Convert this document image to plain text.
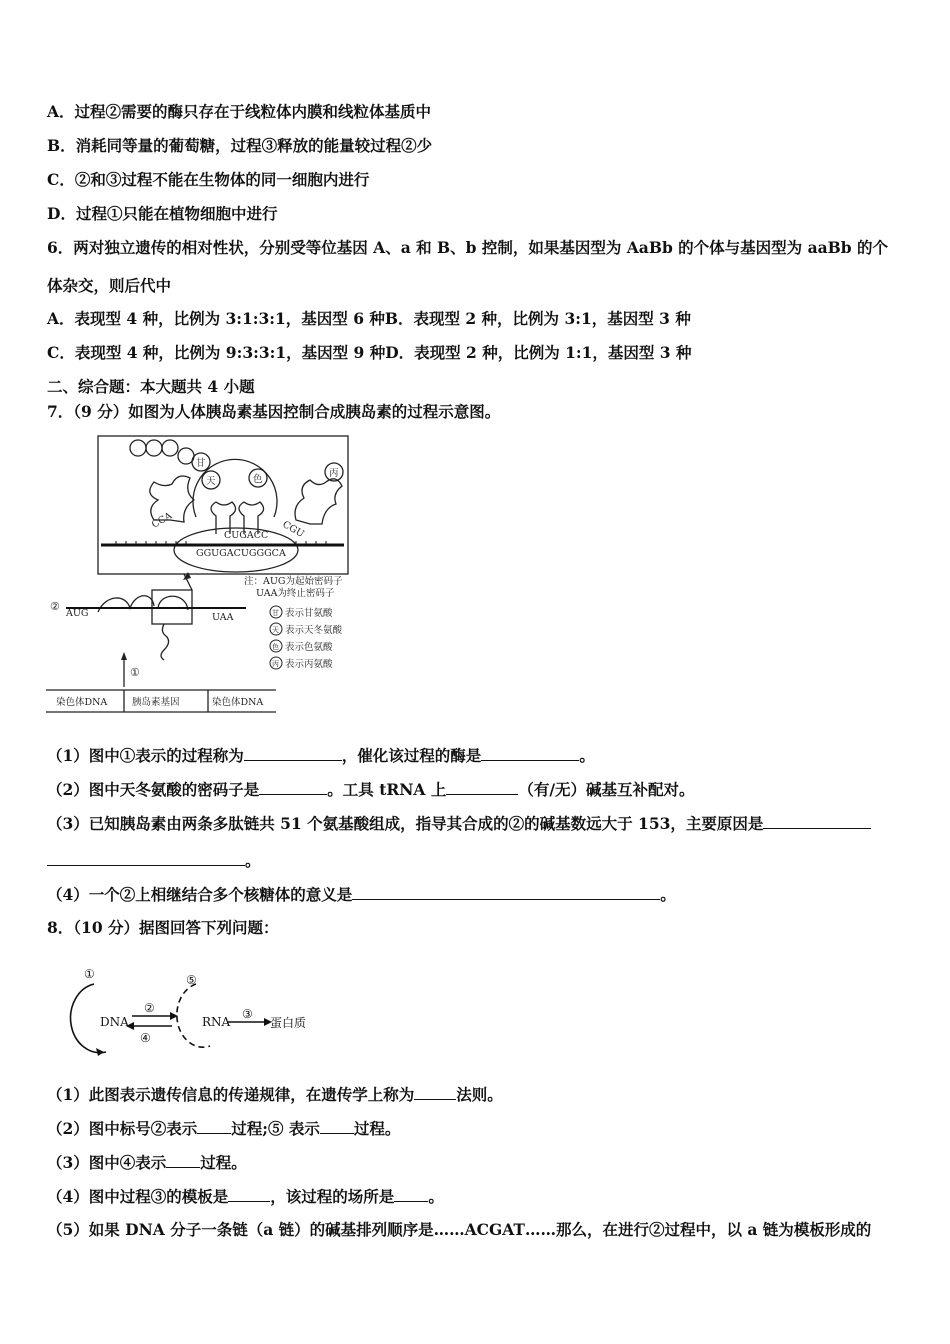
A．过程②需要的酶只存在于线粒体内膜和线粒体基质中
B．消耗同等量的葡萄糖，过程③释放的能量较过程②少
C．②和③过程不能在生物体的同一细胞内进行
D．过程①只能在植物细胞中进行
6．两对独立遗传的相对性状，分别受等位基因 A、a 和 B、b 控制，如果基因型为 AaBb 的个体与基因型为 aaBb 的个
体杂交，则后代中
A．表现型 4 种，比例为 3:1:3:1，基因型 6 种B．表现型 2 种，比例为 3:1，基因型 3 种
C．表现型 4 种，比例为 9:3:3:1，基因型 9 种D．表现型 2 种，比例为 1:1，基因型 3 种
二、综合题：本大题共 4 小题
7．（9 分）如图为人体胰岛素基因控制合成胰岛素的过程示意图。
CUGACC
GGUGACUGGGCA
CCA	CGU
甘
天	色
丙
②
AUG	UAA
①
注：AUG为起始密码子
UAA为终止密码子
甘 表示甘氨酸
天 表示天冬氨酸
色 表示色氨酸
丙 表示丙氨酸
染色体DNA	胰岛素基因	染色体DNA
（1）图中①表示的过程称为	，催化该过程的酶是	。
（2）图中天冬氨酸的密码子是	。工具 tRNA 上	（有/无）碱基互补配对。
（3）已知胰岛素由两条多肽链共 51 个氨基酸组成，指导其合成的②的碱基数远大于 153，主要原因是
。
（4）一个②上相继结合多个核糖体的意义是	。
8．（10 分）据图回答下列问题：
①
②
④
⑤
③
DNA	RNA	蛋白质
（1）此图表示遗传信息的传递规律，在遗传学上称为	法则。
（2）图中标号②表示 过程;⑤ 表示 过程。
（3）图中④表示 过程。
（4）图中过程③的模板是	，该过程的场所是 。
（5）如果 DNA 分子一条链（a 链）的碱基排列顺序是……ACGAT……那么，在进行②过程中，以 a 链为模板形成的
